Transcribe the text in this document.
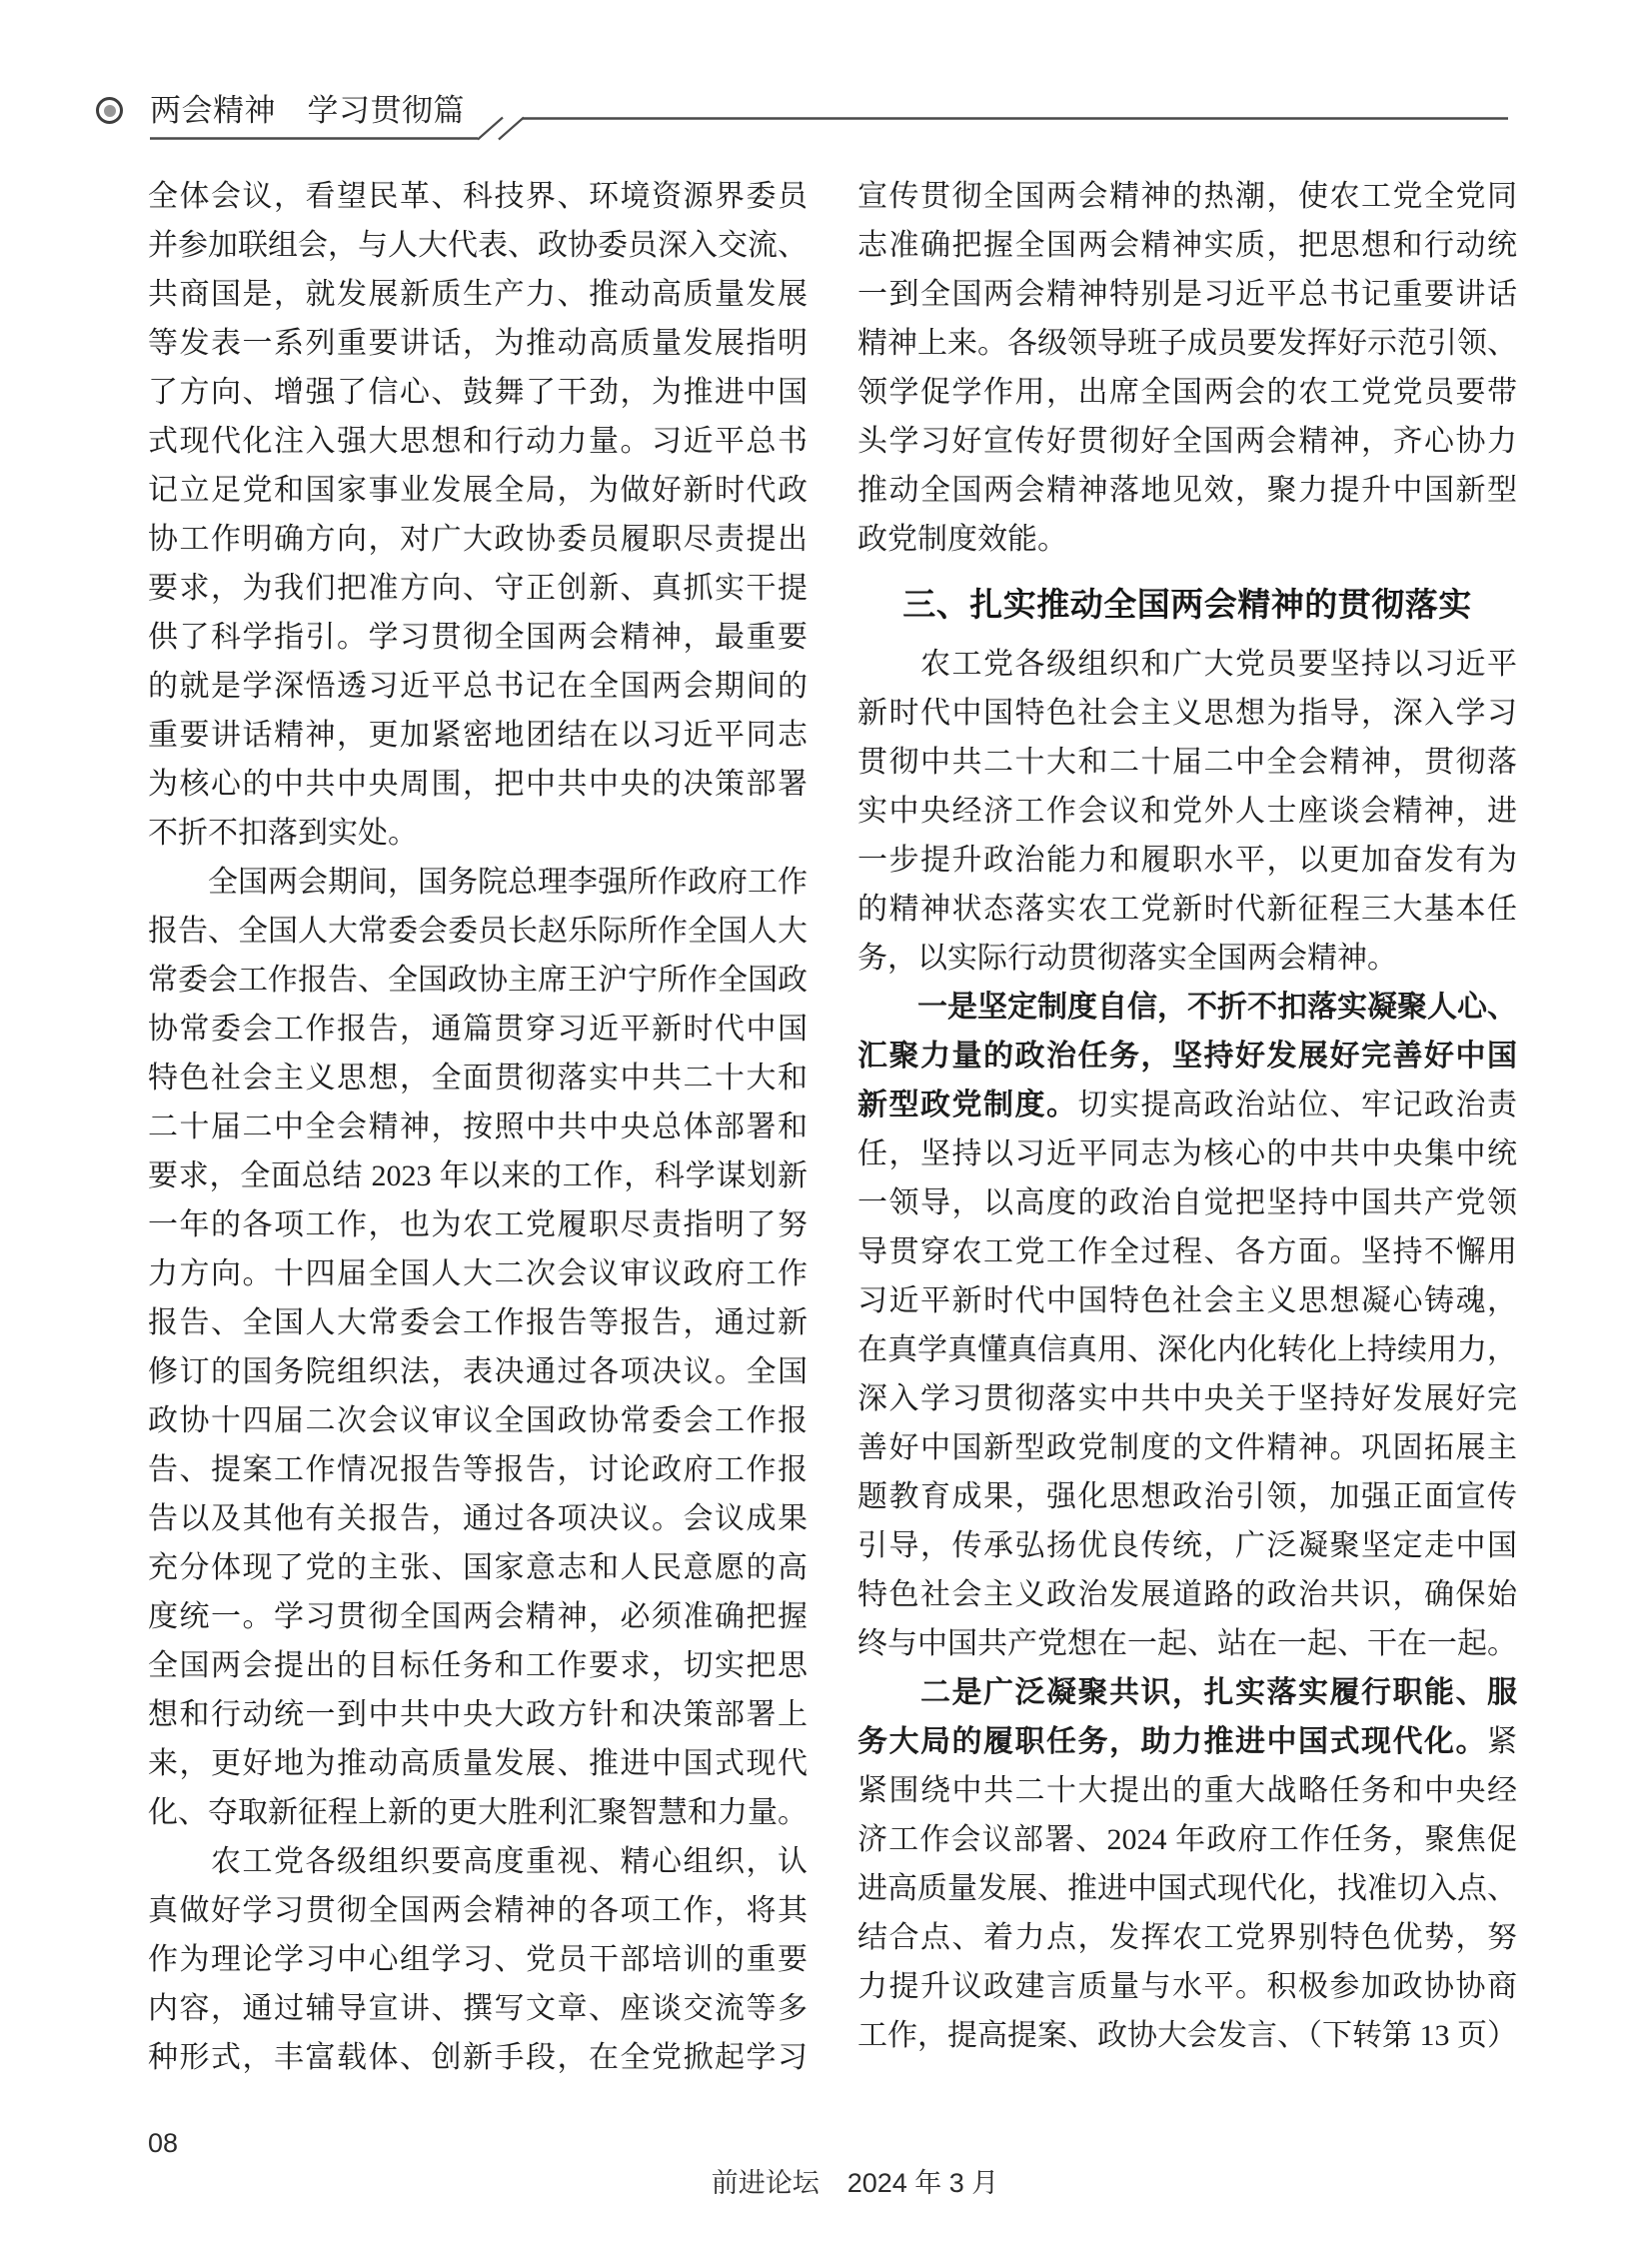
两会精神　学习贯彻篇
全体会议，看望民革、科技界、环境资源界委员
并参加联组会，与人大代表、政协委员深入交流、
共商国是，就发展新质生产力、推动高质量发展
等发表一系列重要讲话，为推动高质量发展指明
了方向、增强了信心、鼓舞了干劲，为推进中国
式现代化注入强大思想和行动力量。习近平总书
记立足党和国家事业发展全局，为做好新时代政
协工作明确方向，对广大政协委员履职尽责提出
要求，为我们把准方向、守正创新、真抓实干提
供了科学指引。学习贯彻全国两会精神，最重要
的就是学深悟透习近平总书记在全国两会期间的
重要讲话精神，更加紧密地团结在以习近平同志
为核心的中共中央周围，把中共中央的决策部署
不折不扣落到实处。
　　全国两会期间，国务院总理李强所作政府工作
报告、全国人大常委会委员长赵乐际所作全国人大
常委会工作报告、全国政协主席王沪宁所作全国政
协常委会工作报告，通篇贯穿习近平新时代中国
特色社会主义思想，全面贯彻落实中共二十大和
二十届二中全会精神，按照中共中央总体部署和
要求，全面总结 2023 年以来的工作，科学谋划新
一年的各项工作，也为农工党履职尽责指明了努
力方向。十四届全国人大二次会议审议政府工作
报告、全国人大常委会工作报告等报告，通过新
修订的国务院组织法，表决通过各项决议。全国
政协十四届二次会议审议全国政协常委会工作报
告、提案工作情况报告等报告，讨论政府工作报
告以及其他有关报告，通过各项决议。会议成果
充分体现了党的主张、国家意志和人民意愿的高
度统一。学习贯彻全国两会精神，必须准确把握
全国两会提出的目标任务和工作要求，切实把思
想和行动统一到中共中央大政方针和决策部署上
来，更好地为推动高质量发展、推进中国式现代
化、夺取新征程上新的更大胜利汇聚智慧和力量。
　　农工党各级组织要高度重视、精心组织，认
真做好学习贯彻全国两会精神的各项工作，将其
作为理论学习中心组学习、党员干部培训的重要
内容，通过辅导宣讲、撰写文章、座谈交流等多
种形式，丰富载体、创新手段，在全党掀起学习
宣传贯彻全国两会精神的热潮，使农工党全党同
志准确把握全国两会精神实质，把思想和行动统
一到全国两会精神特别是习近平总书记重要讲话
精神上来。各级领导班子成员要发挥好示范引领、
领学促学作用，出席全国两会的农工党党员要带
头学习好宣传好贯彻好全国两会精神，齐心协力
推动全国两会精神落地见效，聚力提升中国新型
政党制度效能。
三、扎实推动全国两会精神的贯彻落实
　　农工党各级组织和广大党员要坚持以习近平
新时代中国特色社会主义思想为指导，深入学习
贯彻中共二十大和二十届二中全会精神，贯彻落
实中央经济工作会议和党外人士座谈会精神，进
一步提升政治能力和履职水平，以更加奋发有为
的精神状态落实农工党新时代新征程三大基本任
务，以实际行动贯彻落实全国两会精神。
　　一是坚定制度自信，不折不扣落实凝聚人心、
汇聚力量的政治任务，坚持好发展好完善好中国
新型政党制度。切实提高政治站位、牢记政治责
任，坚持以习近平同志为核心的中共中央集中统
一领导，以高度的政治自觉把坚持中国共产党领
导贯穿农工党工作全过程、各方面。坚持不懈用
习近平新时代中国特色社会主义思想凝心铸魂，
在真学真懂真信真用、深化内化转化上持续用力，
深入学习贯彻落实中共中央关于坚持好发展好完
善好中国新型政党制度的文件精神。巩固拓展主
题教育成果，强化思想政治引领，加强正面宣传
引导，传承弘扬优良传统，广泛凝聚坚定走中国
特色社会主义政治发展道路的政治共识，确保始
终与中国共产党想在一起、站在一起、干在一起。
　　二是广泛凝聚共识，扎实落实履行职能、服
务大局的履职任务，助力推进中国式现代化。紧
紧围绕中共二十大提出的重大战略任务和中央经
济工作会议部署、2024 年政府工作任务，聚焦促
进高质量发展、推进中国式现代化，找准切入点、
结合点、着力点，发挥农工党界别特色优势，努
力提升议政建言质量与水平。积极参加政协协商
工作，提高提案、政协大会发言、（下转第 13 页）
08

前进论坛 2024 年 3 月
